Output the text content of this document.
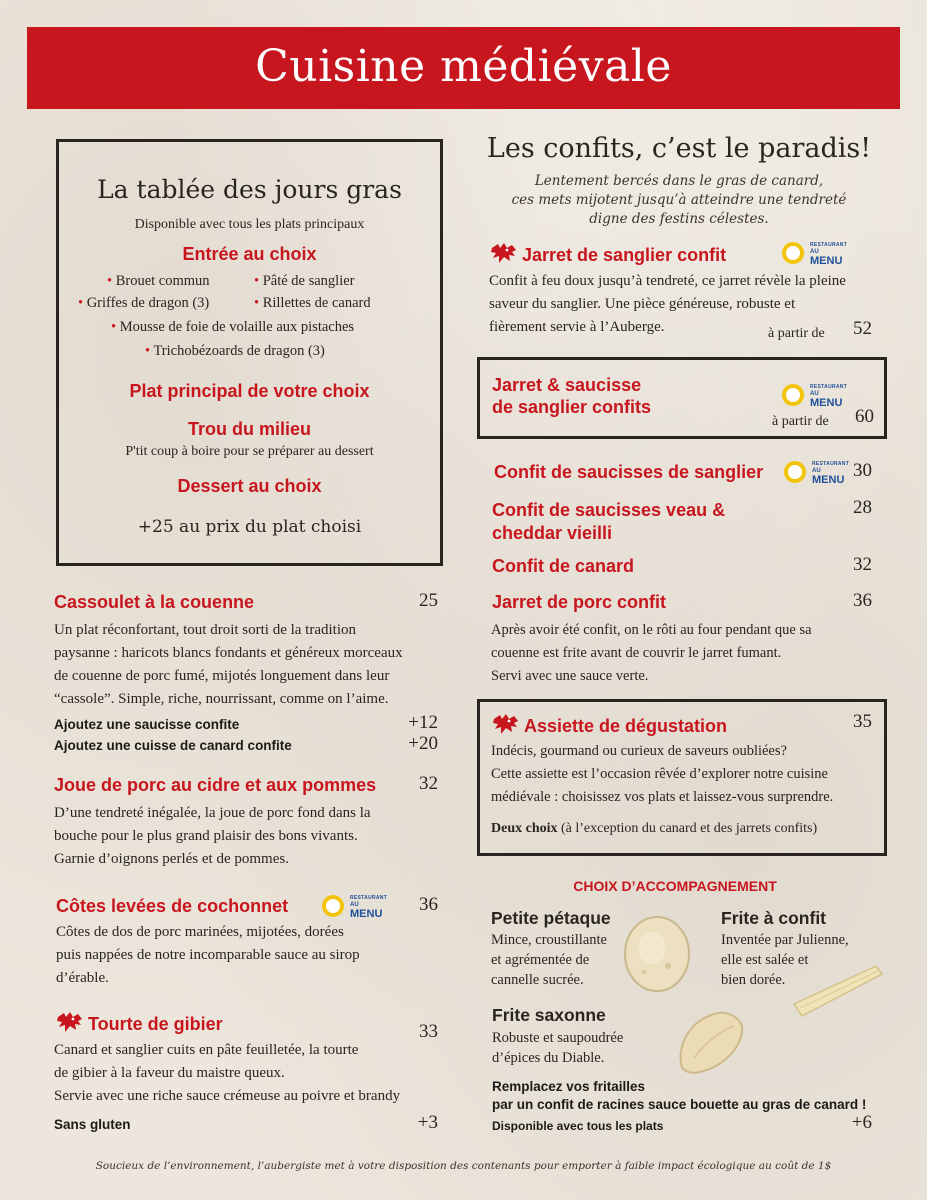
Cuisine médiévale
La tablée des jours gras
Disponible avec tous les plats principaux
Entrée au choix
• Brouet commun	• Pâté de sanglier
• Griffes de dragon (3)	• Rillettes de canard
• Mousse de foie de volaille aux pistaches
• Trichobézoards de dragon (3)
Plat principal de votre choix
Trou du milieu
P'tit coup à boire pour se préparer au dessert
Dessert au choix
+25 au prix du plat choisi
Cassoulet à la couenne	25
Un plat réconfortant, tout droit sorti de la tradition
paysanne : haricots blancs fondants et généreux morceaux
de couenne de porc fumé, mijotés longuement dans leur
“cassole”. Simple, riche, nourrissant, comme on l’aime.
Ajoutez une saucisse confite	+12
Ajoutez une cuisse de canard confite	+20
Joue de porc au cidre et aux pommes	32
D’une tendreté inégalée, la joue de porc fond dans la
bouche pour le plus grand plaisir des bons vivants.
Garnie d’oignons perlés et de pommes.
Côtes levées de cochonnet	RESTAURANT
AU
MENU	36
Côtes de dos de porc marinées, mijotées, dorées
puis nappées de notre incomparable sauce au sirop
d’érable.
Tourte de gibier	33
Canard et sanglier cuits en pâte feuilletée, la tourte
de gibier à la faveur du maistre queux.
Servie avec une riche sauce crémeuse au poivre et brandy
Sans gluten	+3
Les confits, c’est le paradis!
Lentement bercés dans le gras de canard,
ces mets mijotent jusqu’à atteindre une tendreté
digne des festins célestes.
Jarret de sanglier confit	RESTAURANT
AU
MENU
Confit à feu doux jusqu’à tendreté, ce jarret révèle la pleine
saveur du sanglier. Une pièce généreuse, robuste et
fièrement servie à l’Auberge.	à partir de	52
Jarret & saucisse
de sanglier confits
RESTAURANT
AU
MENU
à partir de	60
Confit de saucisses de sanglier	RESTAURANT
AU
MENU 30
Confit de saucisses veau &
cheddar vieilli
28
Confit de canard	32
Jarret de porc confit	36
Après avoir été confit, on le rôti au four pendant que sa
couenne est frite avant de couvrir le jarret fumant.
Servi avec une sauce verte.
Assiette de dégustation	35
Indécis, gourmand ou curieux de saveurs oubliées?
Cette assiette est l’occasion rêvée d’explorer notre cuisine
médiévale : choisissez vos plats et laissez-vous surprendre.
Deux choix (à l’exception du canard et des jarrets confits)
CHOIX D’ACCOMPAGNEMENT
Petite pétaque
Mince, croustillante
et agrémentée de
cannelle sucrée.
Frite à confit
Inventée par Julienne,
elle est salée et
bien dorée.
Frite saxonne
Robuste et saupoudrée
d’épices du Diable.
Remplacez vos fritailles
par un confit de racines sauce bouette au gras de canard !
Disponible avec tous les plats	+6
Soucieux de l’environnement, l’aubergiste met à votre disposition des contenants pour emporter à faible impact écologique au coût de 1$
